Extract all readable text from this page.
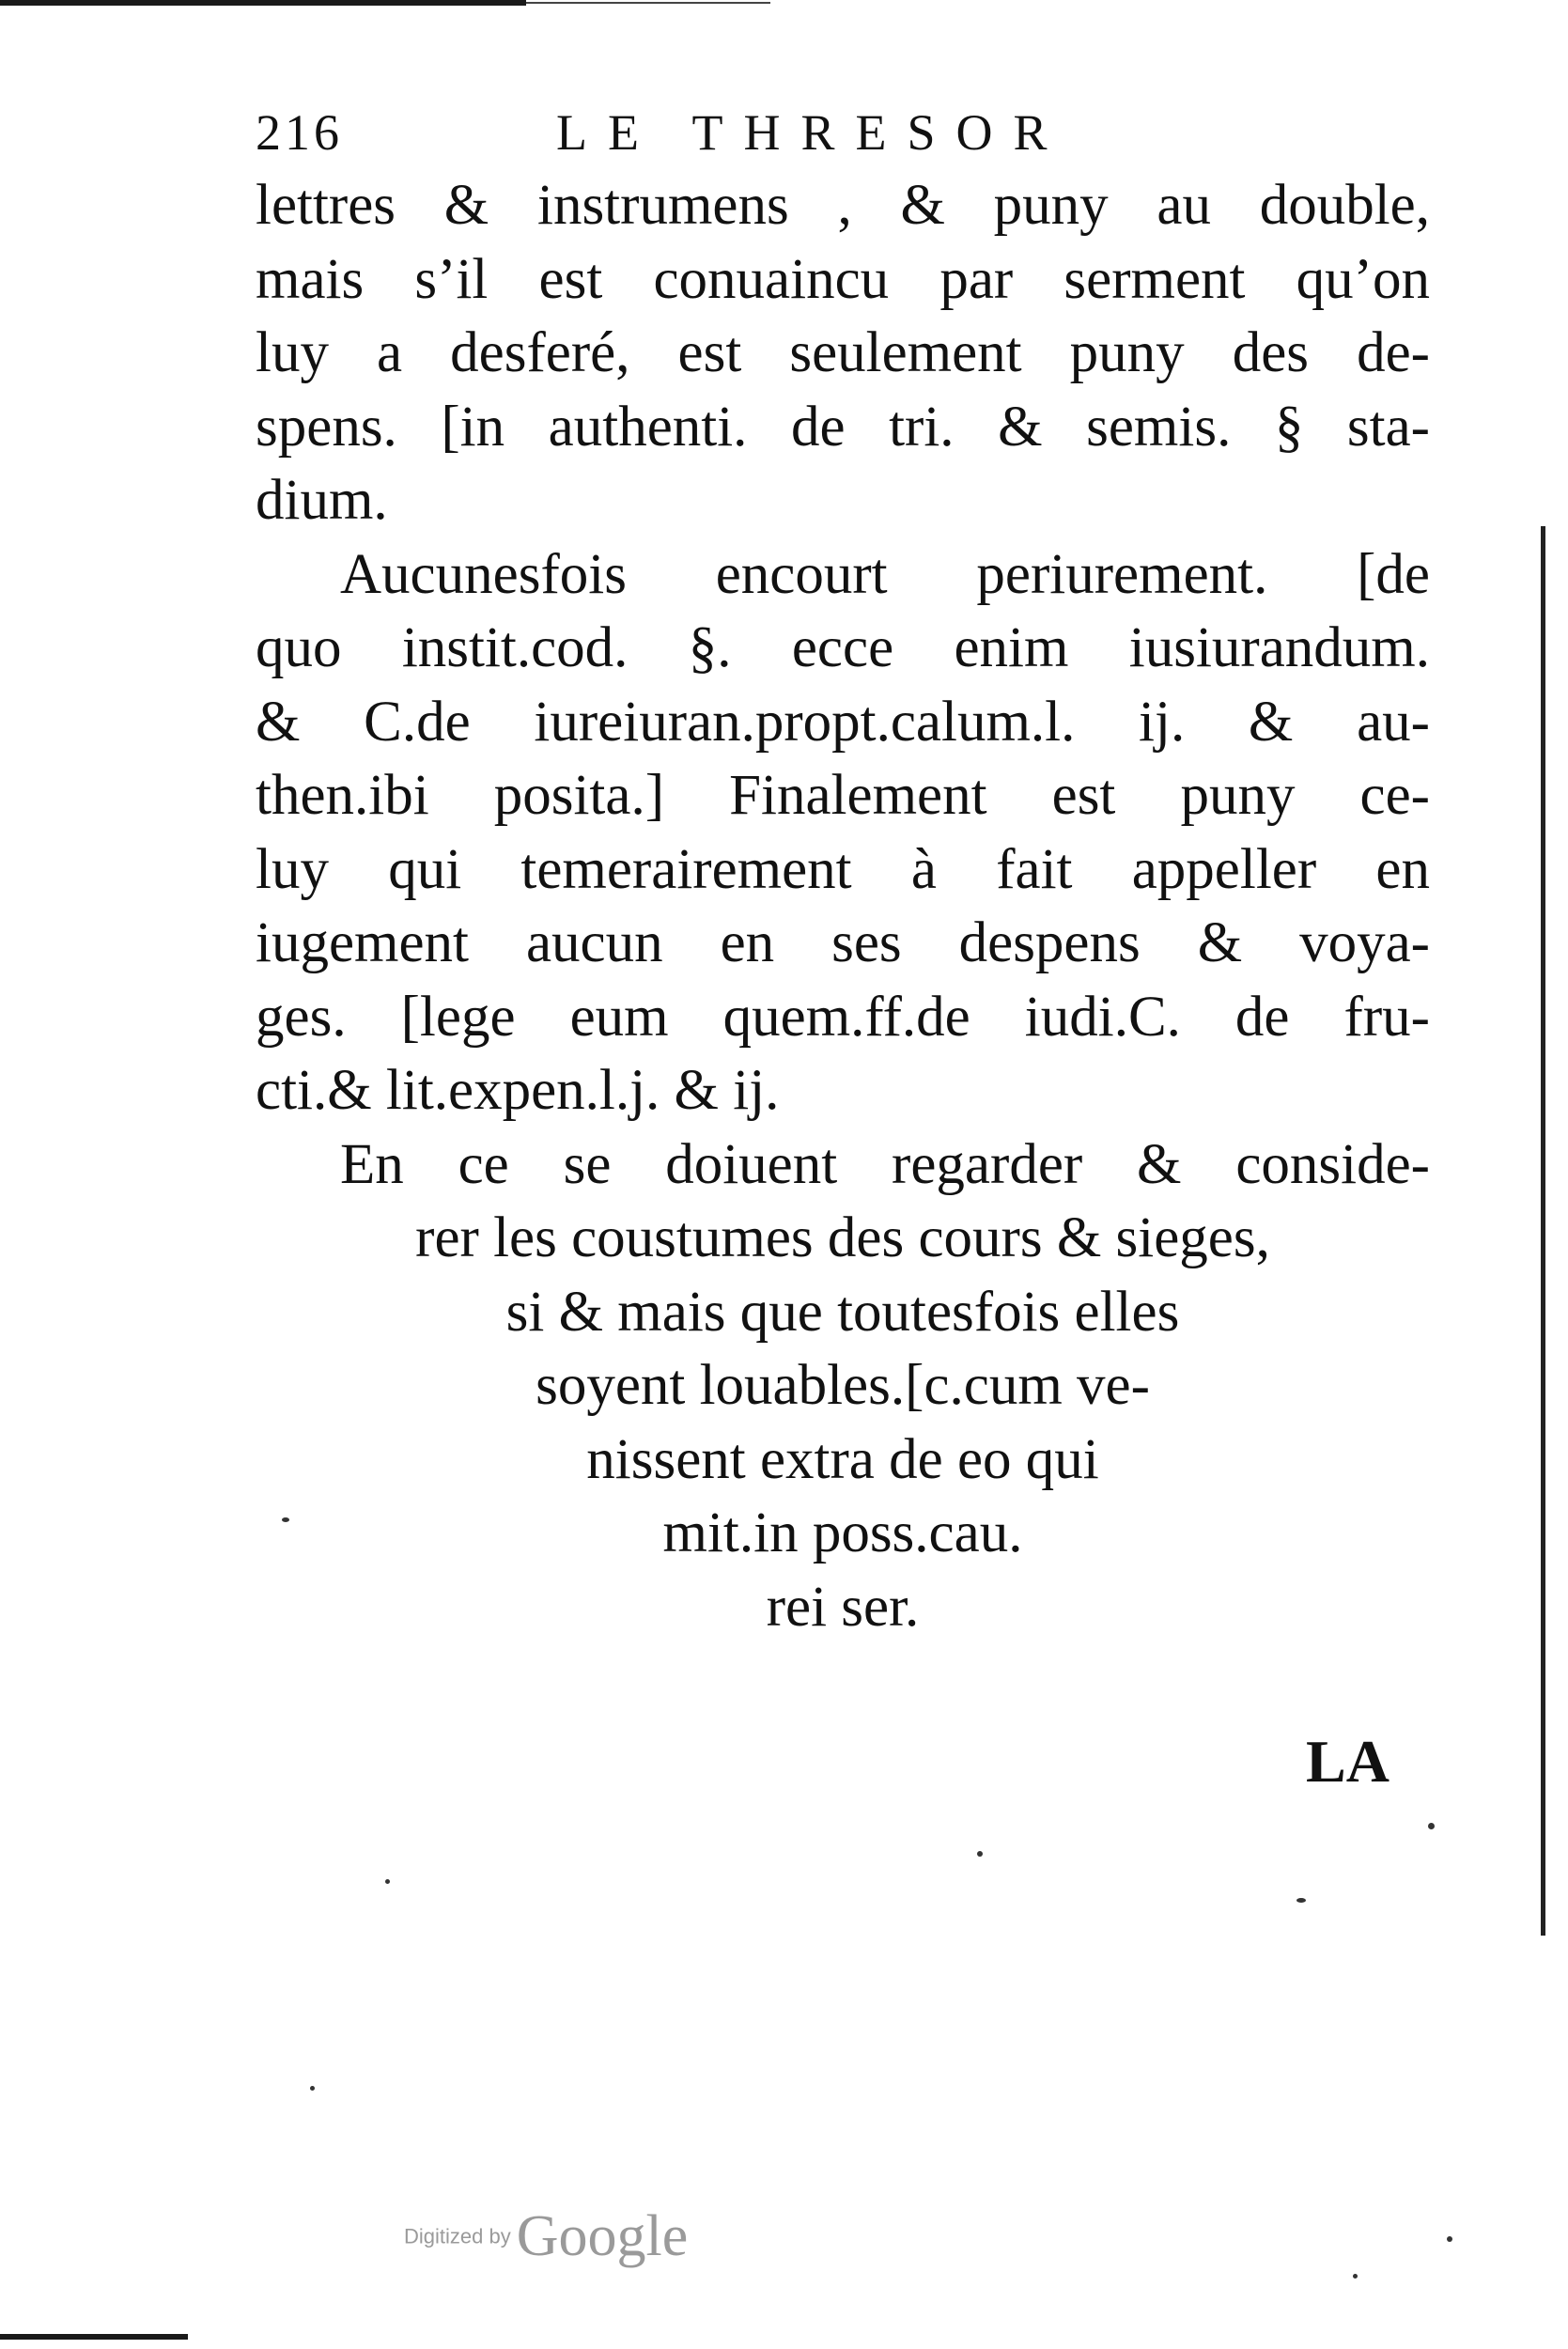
216	LE THRESOR
lettres & instrumens , & puny au double,
mais s’il est conuaincu par serment qu’on
luy a desferé, est seulement puny des de-
spens. [in authenti. de tri. & semis. § sta-
dium.
Aucunesfois encourt periurement. [de
quo instit.cod. §. ecce enim iusiurandum.
& C.de iureiuran.propt.calum.l. ij. & au-
then.ibi posita.] Finalement est puny ce-
luy qui temerairement à fait appeller en
iugement aucun en ses despens & voya-
ges. [lege eum quem.ff.de iudi.C. de fru-
cti.& lit.expen.l.j. & ij.
En ce se doiuent regarder & conside-
rer les coustumes des cours & sieges,
si & mais que toutesfois elles
soyent louables.[c.cum ve-
nissent extra de eo qui
mit.in poss.cau.
rei ser.
LA
Digitized byGoogle
